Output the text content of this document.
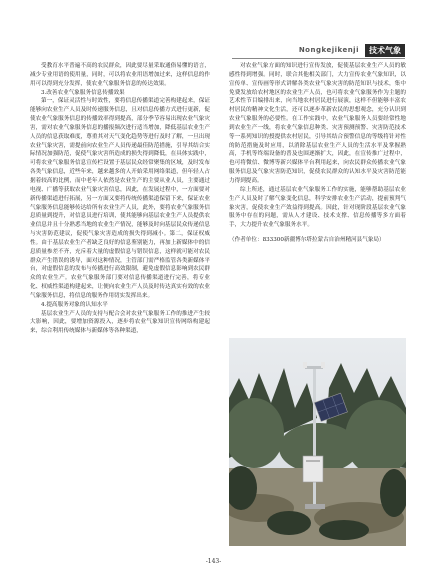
Nongkejikenji	技术气象

受教育水平普遍不高的农民群众，因此要尽量采取通俗易懂的语言，减少专业用语的使用量，同时，可以将农业用语增加过来，这样信息的作用可以得到充分发挥，使农业气象服务信息的传达效果。

3.改善农业气象服务信息传播效果

第一，保证灵活性与时效性，要将信息传播渠道完善构建起来，保证能够向农业生产人员及时传递服务信息，且对信息传播方式进行更新，促使农业气象服务信息的传播效率得到提高，部分季节容易出现农业气象灾害，需对农业气象服务信息的播报频次进行适当增加，降低基层农业生产人员的信息获取难度，尊重其对天气变化趋势等进行及时了解，一旦出现农业气象灾害，需提前向农业生产人员传递最佳防范措施，引导其结合实际情况加强防范，促使气象灾害所造成的损失得到降低，在具体实践中，可将农业气象服务信息宣传栏设置于基层民众经常聚集的区域，及时发布各类气象信息，近些年来，越来越多的人开始采用网络渠道，但年轻人占据着较高的比例，而中老年人依然是农业生产的主要从业人员，主要通过电视、广播等获取农业气象灾害信息，因此，在发展过程中，一方面要对新传播渠道进行拓展，另一方面又要将传统传播渠道保留下来，保证农业气象服务信息能够传达给所有农业生产人员，此外，要将农业气象服务信息质量到提升，对信息员进行培训，使其能够向基层农业生产人员提供农业信息并且十分熟悉当地的农业生产情况，能够及时向基层民众传递信息与灾害防范建议，促使气象灾害造成的损失得到减小。第二，保证权威性。由于基层农业生产者缺乏良好的信息鉴别能力，再加上新媒体中的信息质量参差不齐，充斥着大量的虚假信息与错误信息，这样就可能对农民群众产生错误的诱导，面对这种情况，主管部门需严格监管各类新媒体平台，对虚假信息的发布与传播进行高效限制，避免虚假信息影响到农民群众的农业生产。农业气象服务部门要对信息传播渠道进行完善，将专业化、权威性渠道构建起来，让便向农业生产人员及时传达真实有效的农业气象服务信息，将信息的服务作用切实发挥出来。

4.提高服务对象的认知水平

基层农业生产人员的支持与配合会对农业气象服务工作的推进产生较大影响，因此，要增加资源投入，逐步将农业气象知识宣传网络构建起来，综合利用传统媒体与新媒体等各种渠道，

对农业气象方面的知识进行宣传发放，促使基层农业生产人员的敏感性得到增强。同时，联合其他相关部门，大力宣传农业气象知识，以宣传单、宣传画等形式讲解各类农业气象灾害的防范知识与技术，集中免费发放给农村地区的农业生产人员，也可将农业气象服务作为主题的艺术性节目编排出来，向当地农村居民进行展演，这样不但能够丰富农村居民的精神文化生活，还可以逐步革新农民的思想观念，充分认识到农业气象服务的必要性。在工作实践中，农业气象服务人员要经常性地到农业生产一线，将农业气象信息种类、灾害预测预警、灾害防范技术等一系列知识的授提供农村居民，引导其结合预警信息的等级将针对性的防范措施及时应用，以消除基层农业生产人员的生活水平及掌握熟高，手机等终端设备的普及也围逐渐扩大，因此，在宣传推广过程中，也可将微信、微博等新兴媒体平台利用起来，向农民群众传播农业气象服务信息及气象灾害防范知识，促使农民群众的认知水平及灾害防范能力得到提高。

综上所述，通过基层农业气象服务工作的实施，能够帮助基层农业生产人员及时了解气象变化信息，科学安排农业生产活动，提前预判气象灾害，促使农业生产效益得到提高。因此，针对现阶段基层农业气象服务中存在的问题，需从人才建设、技术支撑、信息传播等多方面着手，大力提升农业气象服务水平。

（作者单位：833300新疆博尔塔拉蒙古自治州精河县气象局）

-143-
